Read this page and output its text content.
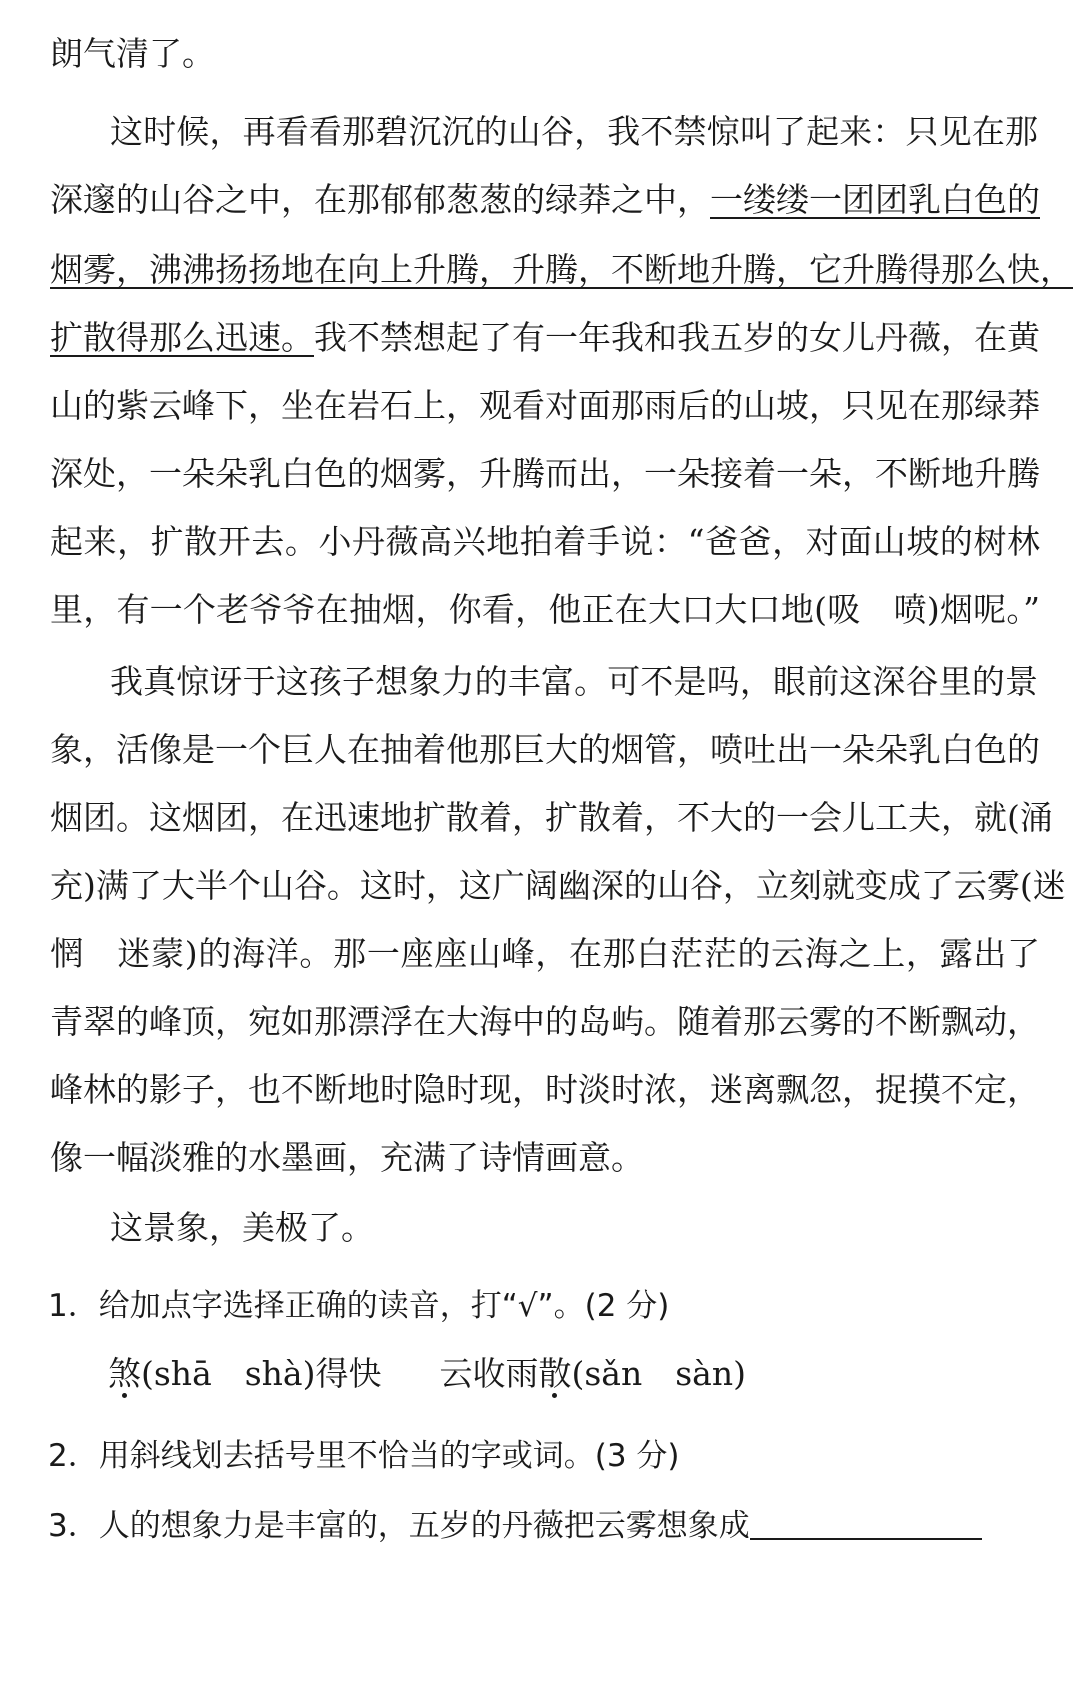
朗气清了。
这时候，再看看那碧沉沉的山谷，我不禁惊叫了起来：只见在那
深邃的山谷之中，在那郁郁葱葱的绿莽之中，一缕缕一团团乳白色的
烟雾，沸沸扬扬地在向上升腾，升腾，不断地升腾，它升腾得那么快，
扩散得那么迅速。我不禁想起了有一年我和我五岁的女儿丹薇，在黄
山的紫云峰下，坐在岩石上，观看对面那雨后的山坡，只见在那绿莽
深处，一朵朵乳白色的烟雾，升腾而出，一朵接着一朵，不断地升腾
起来，扩散开去。小丹薇高兴地拍着手说：“爸爸，对面山坡的树林
里，有一个老爷爷在抽烟，你看，他正在大口大口地(吸　喷)烟呢。”
我真惊讶于这孩子想象力的丰富。可不是吗，眼前这深谷里的景
象，活像是一个巨人在抽着他那巨大的烟管，喷吐出一朵朵乳白色的
烟团。这烟团，在迅速地扩散着，扩散着，不大的一会儿工夫，就(涌
充)满了大半个山谷。这时，这广阔幽深的山谷，立刻就变成了云雾(迷
惘　迷蒙)的海洋。那一座座山峰，在那白茫茫的云海之上，露出了
青翠的峰顶，宛如那漂浮在大海中的岛屿。随着那云雾的不断飘动，
峰林的影子，也不断地时隐时现，时淡时浓，迷离飘忽，捉摸不定，
像一幅淡雅的水墨画，充满了诗情画意。
这景象，美极了。
1．给加点字选择正确的读音，打“√”。(2 分)
煞(shā　shà)得快 云收雨散(sǎn　sàn)
2．用斜线划去括号里不恰当的字或词。(3 分)
3．人的想象力是丰富的，五岁的丹薇把云雾想象成
